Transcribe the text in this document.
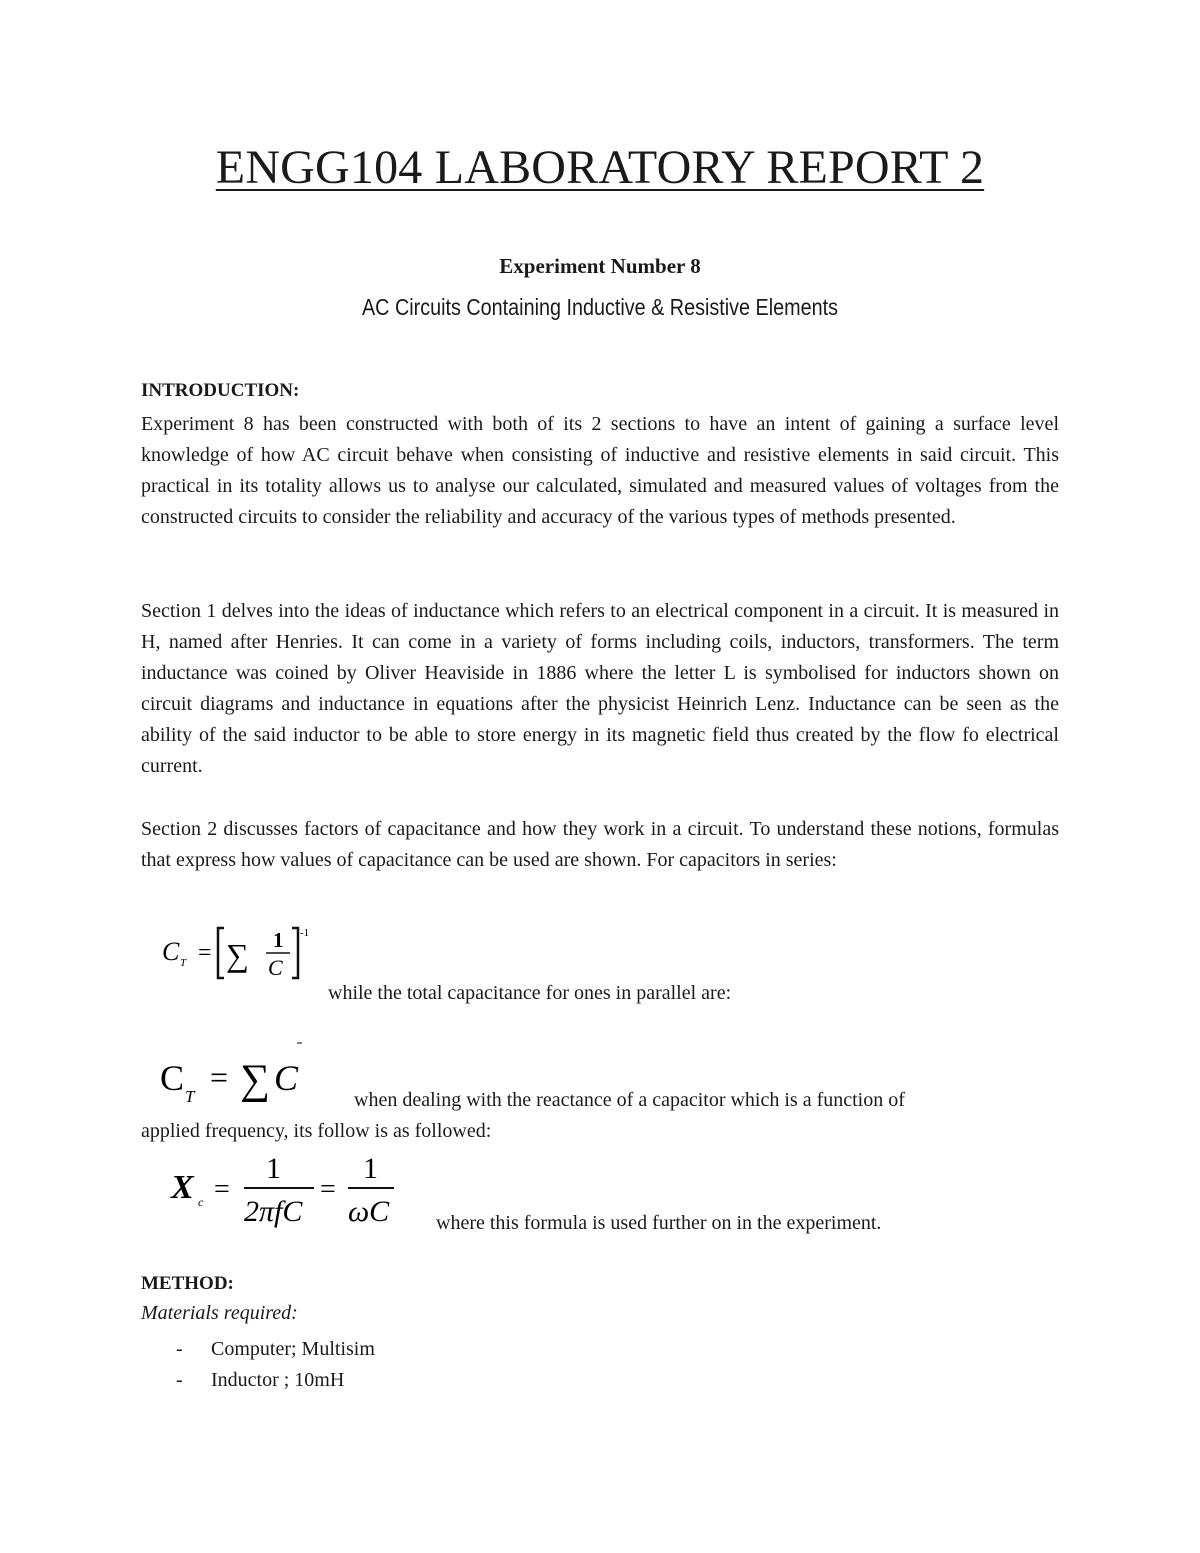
ENGG104 LABORATORY REPORT 2
Experiment Number 8
AC Circuits Containing Inductive & Resistive Elements
INTRODUCTION:

Experiment 8 has been constructed with both of its 2 sections to have an intent of gaining a surface level knowledge of how AC circuit behave when consisting of inductive and resistive elements in said circuit. This practical in its totality allows us to analyse our calculated, simulated and measured values of voltages from the constructed circuits to consider the reliability and accuracy of the various types of methods presented.

Section 1 delves into the ideas of inductance which refers to an electrical component in a circuit. It is measured in H, named after Henries. It can come in a variety of forms including coils, inductors, transformers. The term inductance was coined by Oliver Heaviside in 1886 where the letter L is symbolised for inductors shown on circuit diagrams and inductance in equations after the physicist Heinrich Lenz. Inductance can be seen as the ability of the said inductor to be able to store energy in its magnetic field thus created by the flow fo electrical current.

Section 2 discusses factors of capacitance and how they work in a circuit. To understand these notions, formulas that express how values of capacitance can be used are shown. For capacitors in series:

C T = ∑ 1
C
-1
while the total capacitance for ones in parallel are:
C T
= ∑ C
when dealing with the reactance of a capacitor which is a function of
applied frequency, its follow is as followed:
X c =
1
2πfC
=
1
ωC where this formula is used further on in the experiment.
METHOD:
Materials required:
-	Computer; Multisim
-	Inductor ; 10mH
